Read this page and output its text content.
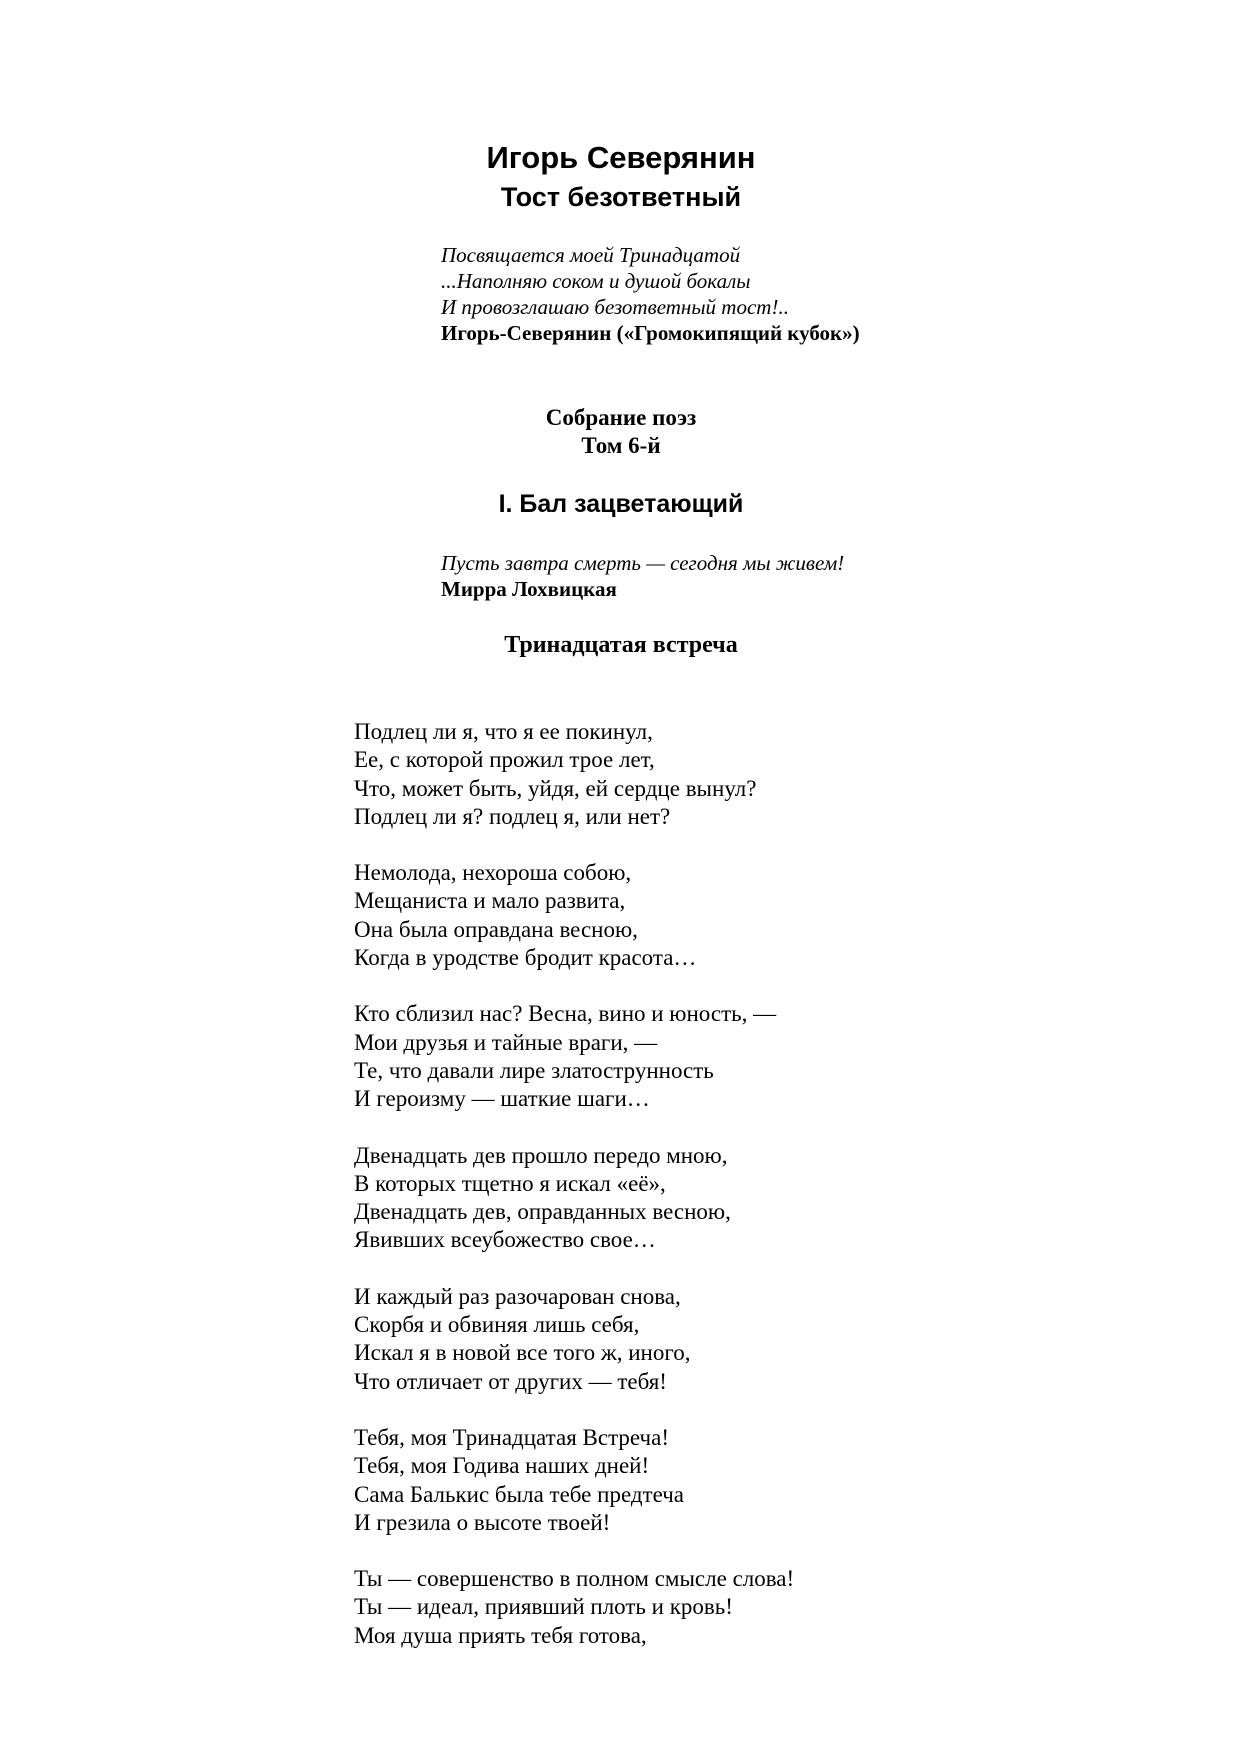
Игорь Северянин
Тост безответный
Посвящается моей Тринадцатой
...Наполняю соком и душой бокалы
И провозглашаю безответный тост!..
Игорь-Северянин («Громокипящий кубок»)
Собрание поэз
Том 6-й
I. Бал зацветающий
Пусть завтра смерть — сегодня мы живем!
Мирра Лохвицкая
Тринадцатая встреча
Подлец ли я, что я ее покинул,
Ее, с которой прожил трое лет,
Что, может быть, уйдя, ей сердце вынул?
Подлец ли я? подлец я, или нет?
Немолода, нехороша собою,
Мещаниста и мало развита,
Она была оправдана весною,
Когда в уродстве бродит красота…
Кто сблизил нас? Весна, вино и юность, —
Мои друзья и тайные враги, —
Те, что давали лире златострунность
И героизму — шаткие шаги…
Двенадцать дев прошло передо мною,
В которых тщетно я искал «её»,
Двенадцать дев, оправданных весною,
Явивших всеубожество свое…
И каждый раз разочарован снова,
Скорбя и обвиняя лишь себя,
Искал я в новой все того ж, иного,
Что отличает от других — тебя!
Тебя, моя Тринадцатая Встреча!
Тебя, моя Годива наших дней!
Сама Балькис была тебе предтеча
И грезила о высоте твоей!
Ты — совершенство в полном смысле слова!
Ты — идеал, приявший плоть и кровь!
Моя душа приять тебя готова,
